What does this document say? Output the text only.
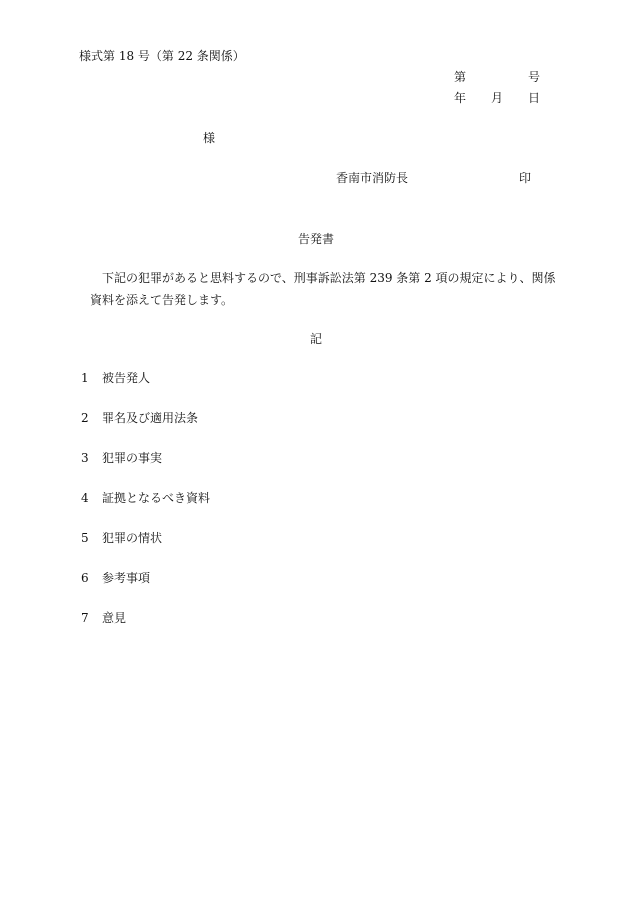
様式第 18 号（第 22 条関係）
第	号
年 月 日
様
香南市消防長	印
告発書
下記の犯罪があると思料するので、刑事訴訟法第 239 条第 2 項の規定により、関係
資料を添えて告発します。
記
1 被告発人
2 罪名及び適用法条
3 犯罪の事実
4 証拠となるべき資料
5 犯罪の情状
6 参考事項
7 意見
